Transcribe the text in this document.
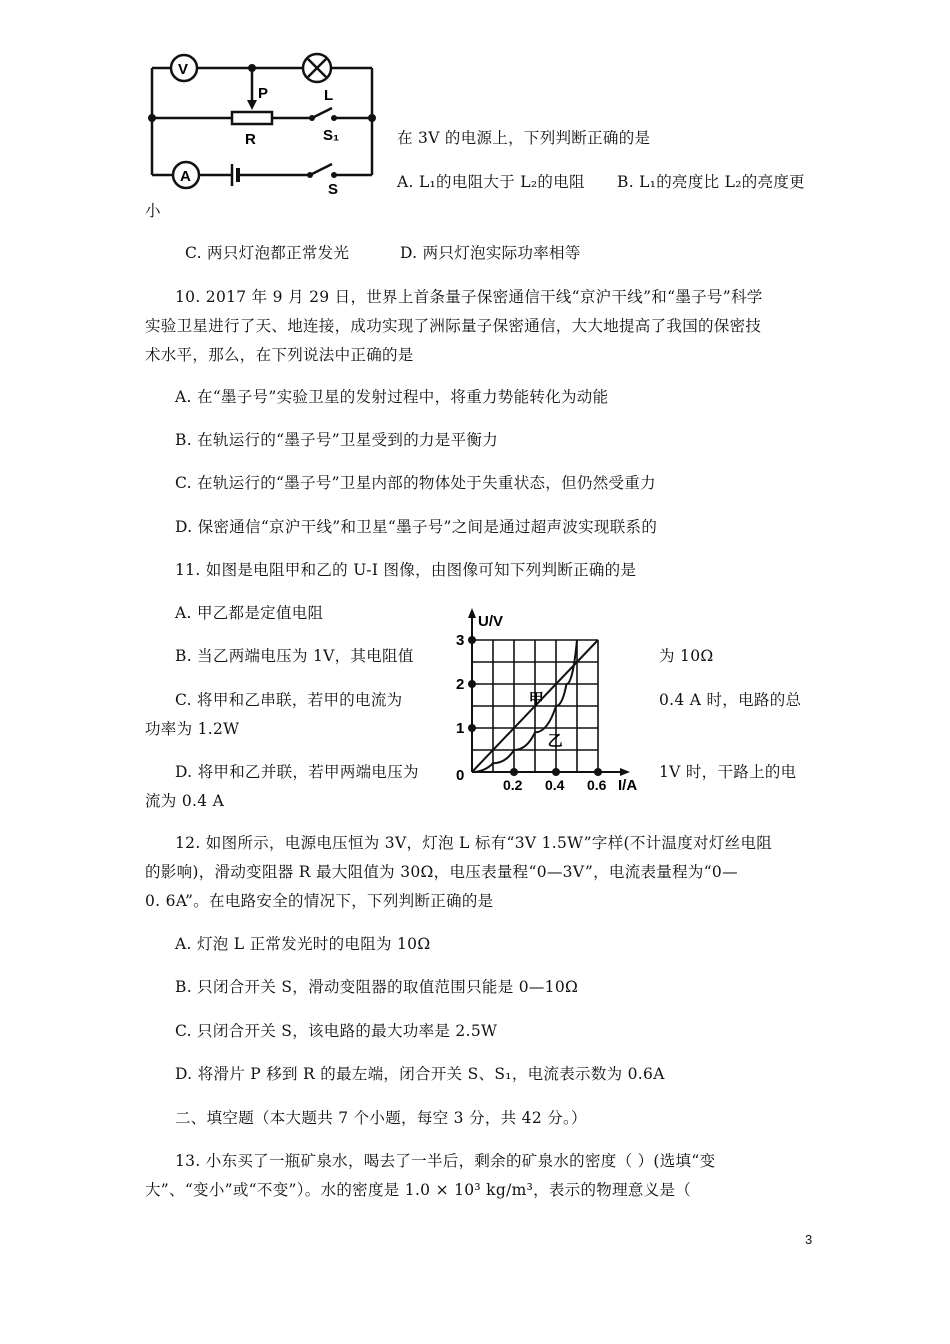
V
A
P
R
L
S₁
S
在 3V 的电源上，下列判断正确的是
A. L₁的电阻大于 L₂的电阻 B. L₁的亮度比 L₂的亮度更
小
C. 两只灯泡都正常发光	D. 两只灯泡实际功率相等
10. 2017 年 9 月 29 日，世界上首条量子保密通信干线“京沪干线”和“墨子号”科学
实验卫星进行了天、地连接，成功实现了洲际量子保密通信，大大地提高了我国的保密技
术水平，那么，在下列说法中正确的是
A. 在“墨子号”实验卫星的发射过程中，将重力势能转化为动能
B. 在轨运行的“墨子号”卫星受到的力是平衡力
C. 在轨运行的“墨子号”卫星内部的物体处于失重状态，但仍然受重力
D. 保密通信“京沪干线”和卫星“墨子号”之间是通过超声波实现联系的
11. 如图是电阻甲和乙的 U-I 图像，由图像可知下列判断正确的是
A. 甲乙都是定值电阻
B. 当乙两端电压为 1V，其电阻值	为 10Ω
C. 将甲和乙串联，若甲的电流为	0.4 A 时，电路的总
功率为 1.2W
D. 将甲和乙并联，若甲两端电压为	1V 时，干路上的电
流为 0.4 A
U/V
I/A
0
0.2 0.4 0.6
1
2
3
甲
乙
12. 如图所示，电源电压恒为 3V，灯泡 L 标有“3V 1.5W”字样(不计温度对灯丝电阻
的影响)，滑动变阻器 R 最大阻值为 30Ω，电压表量程“0—3V”，电流表量程为“0—
0. 6A”。在电路安全的情况下，下列判断正确的是
A. 灯泡 L 正常发光时的电阻为 10Ω
B. 只闭合开关 S，滑动变阻器的取值范围只能是 0—10Ω
C. 只闭合开关 S，该电路的最大功率是 2.5W
D. 将滑片 P 移到 R 的最左端，闭合开关 S、S₁，电流表示数为 0.6A
二、填空题（本大题共 7 个小题，每空 3 分，共 42 分。）
13. 小东买了一瓶矿泉水，喝去了一半后，剩余的矿泉水的密度（ ）(选填“变
大”、“变小”或“不变”）。水的密度是 1.0 × 10³ kg/m³，表示的物理意义是（
3
